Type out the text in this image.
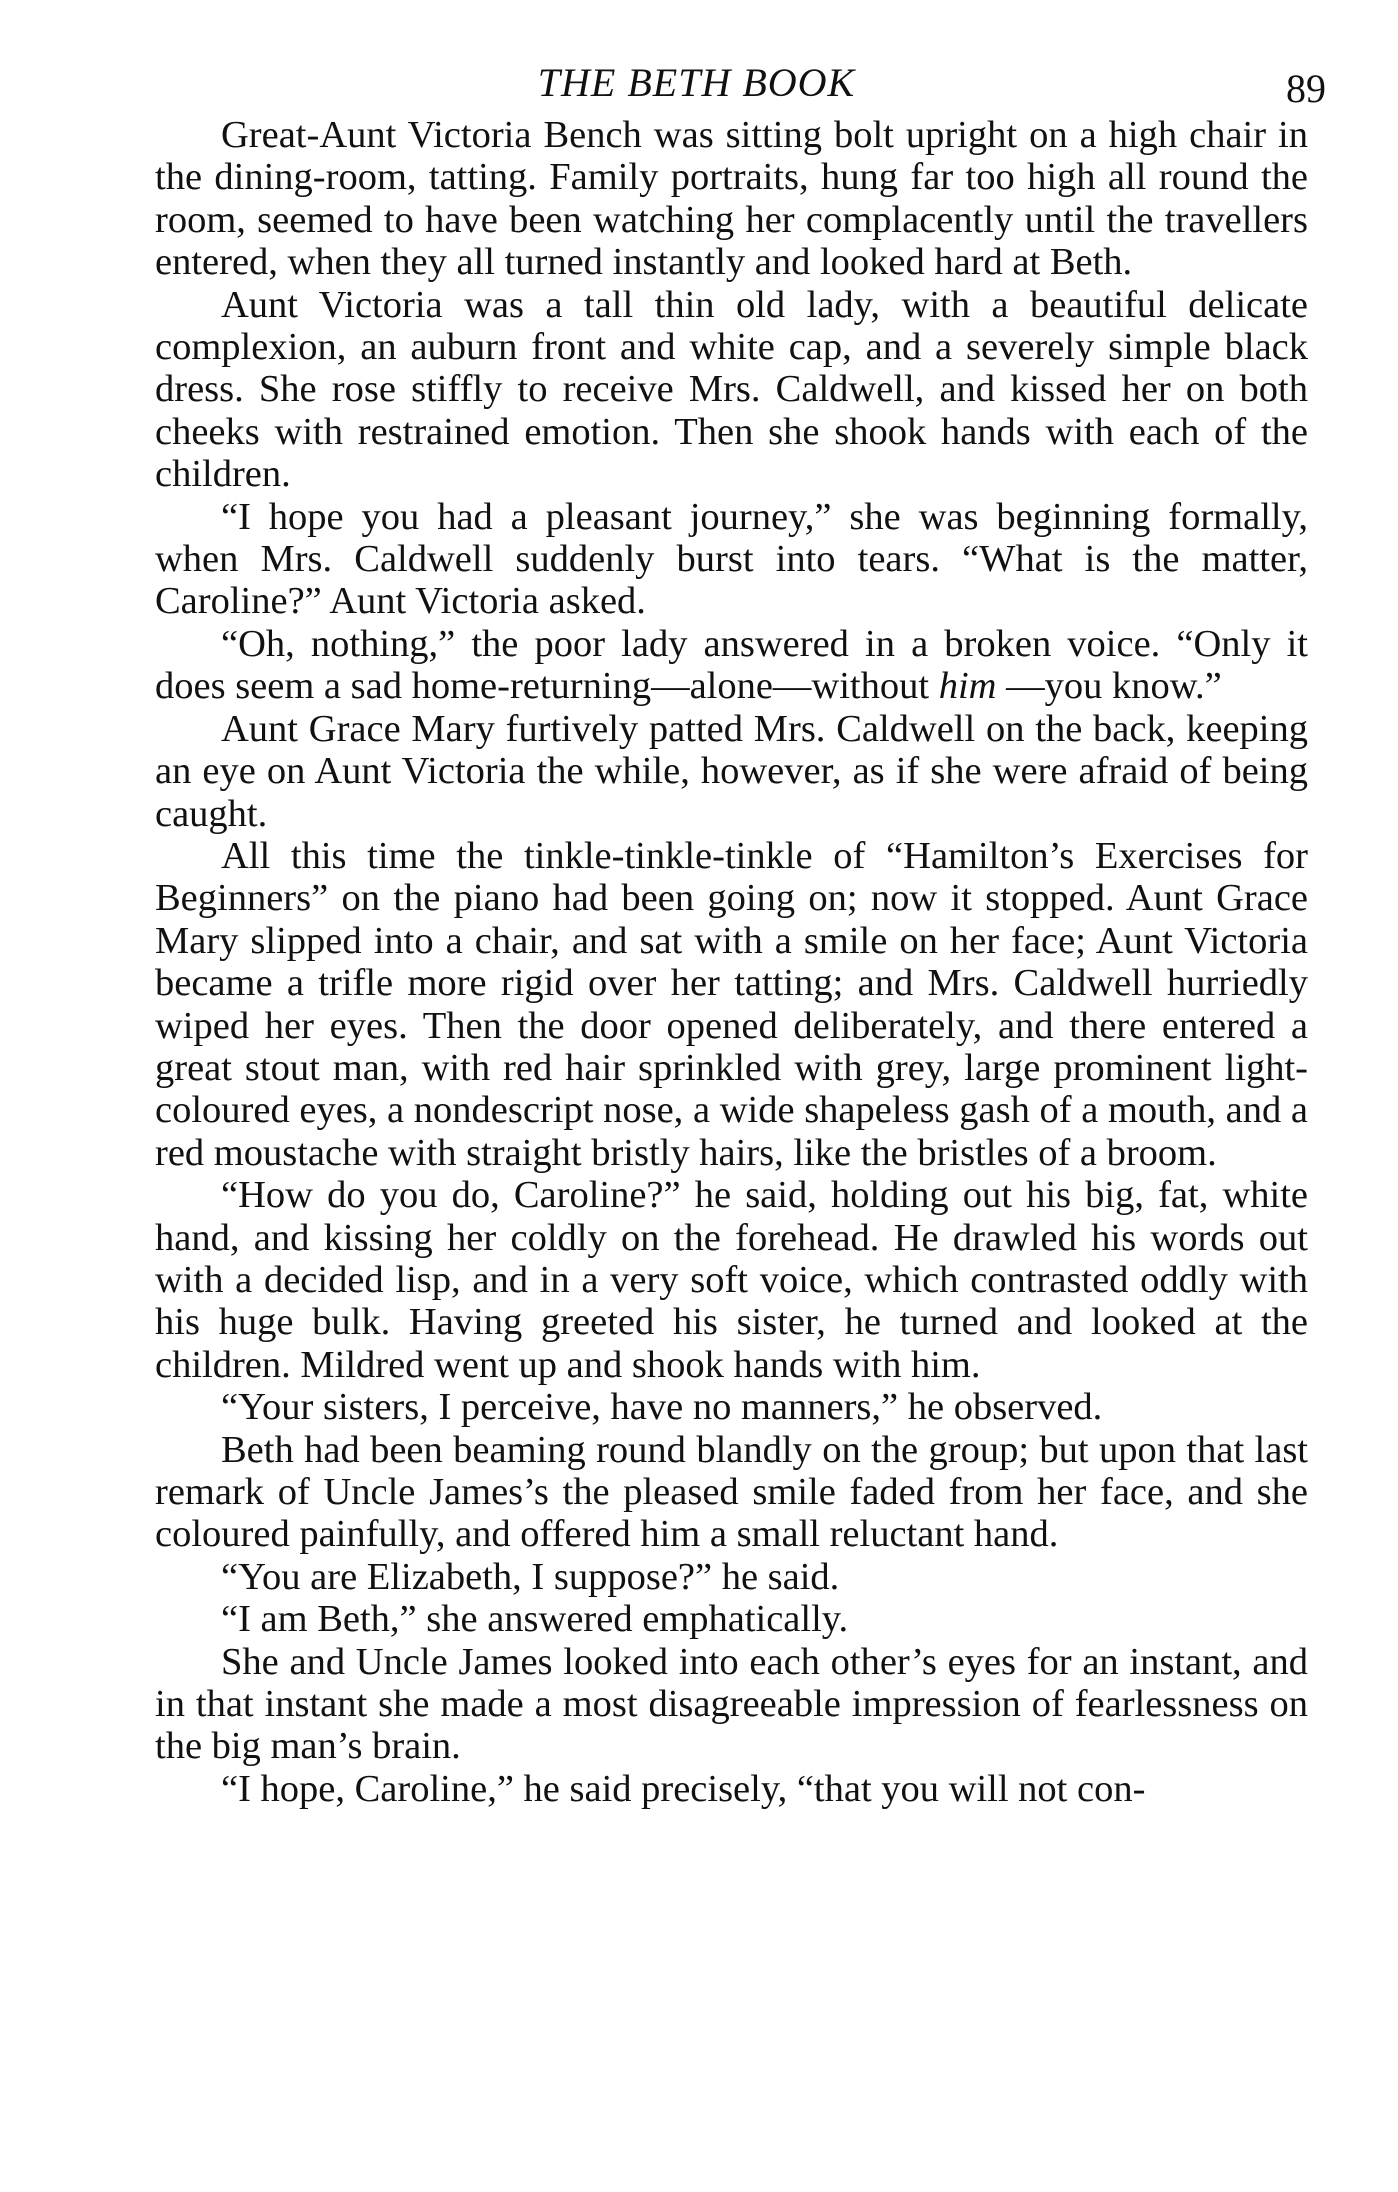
THE BETH BOOK	89

Great-Aunt Victoria Bench was sitting bolt upright on a high chair in the dining-room, tatting. Family portraits, hung far too high all round the room, seemed to have been watching her complacently until the travellers entered, when they all turned instantly and looked hard at Beth.

Aunt Victoria was a tall thin old lady, with a beautiful delicate complexion, an auburn front and white cap, and a severely simple black dress. She rose stiffly to receive Mrs. Caldwell, and kissed her on both cheeks with restrained emotion. Then she shook hands with each of the children.

“I hope you had a pleasant journey,” she was beginning formally, when Mrs. Caldwell suddenly burst into tears. “What is the matter, Caroline?” Aunt Victoria asked.

“Oh, nothing,” the poor lady answered in a broken voice. “Only it does seem a sad home-returning—alone—without him —you know.”

Aunt Grace Mary furtively patted Mrs. Caldwell on the back, keeping an eye on Aunt Victoria the while, however, as if she were afraid of being caught.

All this time the tinkle-tinkle-tinkle of “Hamilton’s Exercises for Beginners” on the piano had been going on; now it stopped. Aunt Grace Mary slipped into a chair, and sat with a smile on her face; Aunt Victoria became a trifle more rigid over her tatting; and Mrs. Caldwell hurriedly wiped her eyes. Then the door opened deliberately, and there entered a great stout man, with red hair sprinkled with grey, large prominent light-coloured eyes, a nondescript nose, a wide shapeless gash of a mouth, and a red moustache with straight bristly hairs, like the bristles of a broom.

“How do you do, Caroline?” he said, holding out his big, fat, white hand, and kissing her coldly on the forehead. He drawled his words out with a decided lisp, and in a very soft voice, which contrasted oddly with his huge bulk. Having greeted his sister, he turned and looked at the children. Mildred went up and shook hands with him.

“Your sisters, I perceive, have no manners,” he observed.

Beth had been beaming round blandly on the group; but upon that last remark of Uncle James’s the pleased smile faded from her face, and she coloured painfully, and offered him a small reluctant hand.

“You are Elizabeth, I suppose?” he said.

“I am Beth,” she answered emphatically.

She and Uncle James looked into each other’s eyes for an instant, and in that instant she made a most disagreeable impression of fearlessness on the big man’s brain.

“I hope, Caroline,” he said precisely, “that you will not con-
